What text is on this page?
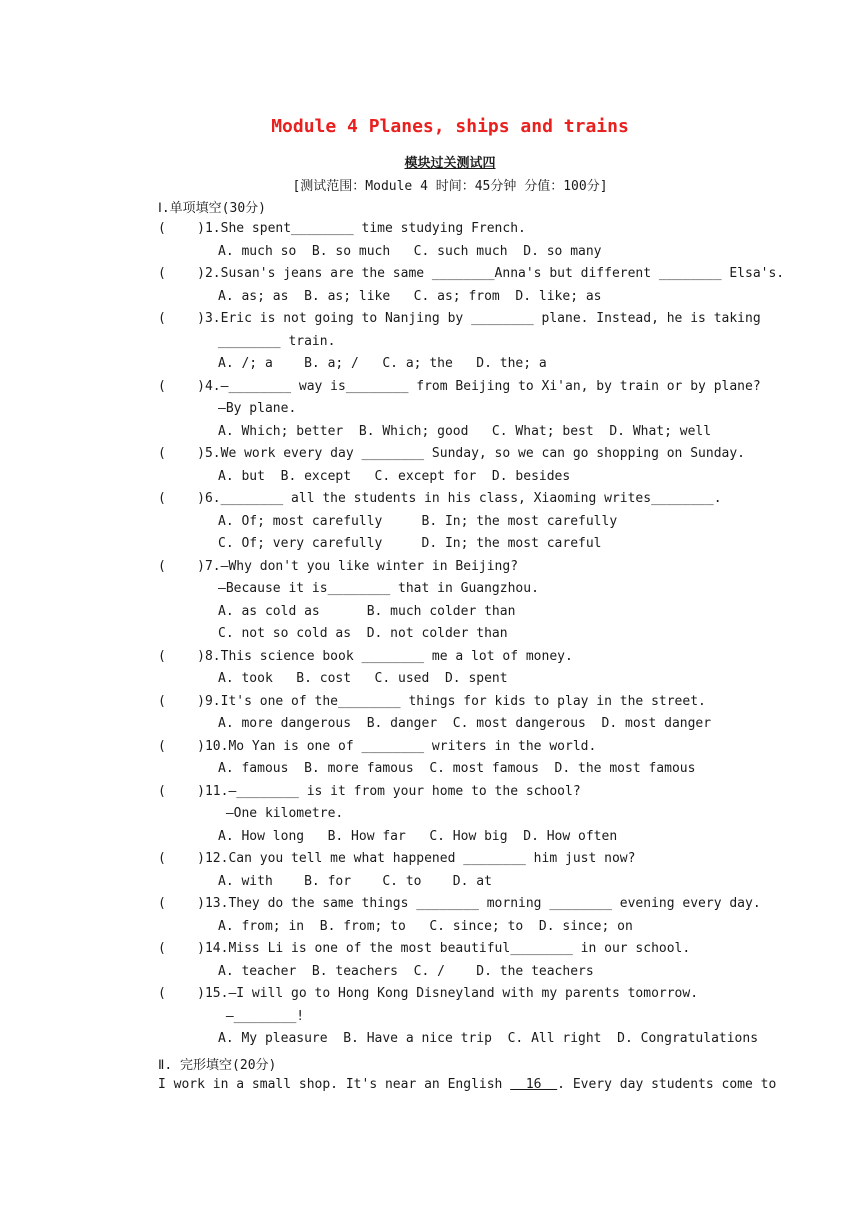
Module 4 Planes, ships and trains
模块过关测试四
[测试范围：Module 4 时间：45分钟 分值：100分]
Ⅰ.单项填空(30分)
(    )1.She spent________ time studying French.
A. much so  B. so much   C. such much  D. so many
(    )2.Susan's jeans are the same ________Anna's but different ________ Elsa's.
A. as; as  B. as; like   C. as; from  D. like; as
(    )3.Eric is not going to Nanjing by ________ plane. Instead, he is taking
________ train.
A. /; a    B. a; /   C. a; the   D. the; a
(    )4.—________ way is________ from Beijing to Xi'an, by train or by plane?
—By plane.
A. Which; better  B. Which; good   C. What; best  D. What; well
(    )5.We work every day ________ Sunday, so we can go shopping on Sunday.
A. but  B. except   C. except for  D. besides
(    )6.________ all the students in his class, Xiaoming writes________.
A. Of; most carefully     B. In; the most carefully
C. Of; very carefully     D. In; the most careful
(    )7.—Why don't you like winter in Beijing?
—Because it is________ that in Guangzhou.
A. as cold as      B. much colder than
C. not so cold as  D. not colder than
(    )8.This science book ________ me a lot of money.
A. took   B. cost   C. used  D. spent
(    )9.It's one of the________ things for kids to play in the street.
A. more dangerous  B. danger  C. most dangerous  D. most danger
(    )10.Mo Yan is one of ________ writers in the world.
A. famous  B. more famous  C. most famous  D. the most famous
(    )11.—________ is it from your home to the school?
—One kilometre.
A. How long   B. How far   C. How big  D. How often
(    )12.Can you tell me what happened ________ him just now?
A. with    B. for    C. to    D. at
(    )13.They do the same things ________ morning ________ evening every day.
A. from; in  B. from; to   C. since; to  D. since; on
(    )14.Miss Li is one of the most beautiful________ in our school.
A. teacher  B. teachers  C. /    D. the teachers
(    )15.—I will go to Hong Kong Disneyland with my parents tomorrow.
—________!
A. My pleasure  B. Have a nice trip  C. All right  D. Congratulations
Ⅱ. 完形填空(20分)
I work in a small shop. It's near an English   16  . Every day students come to
